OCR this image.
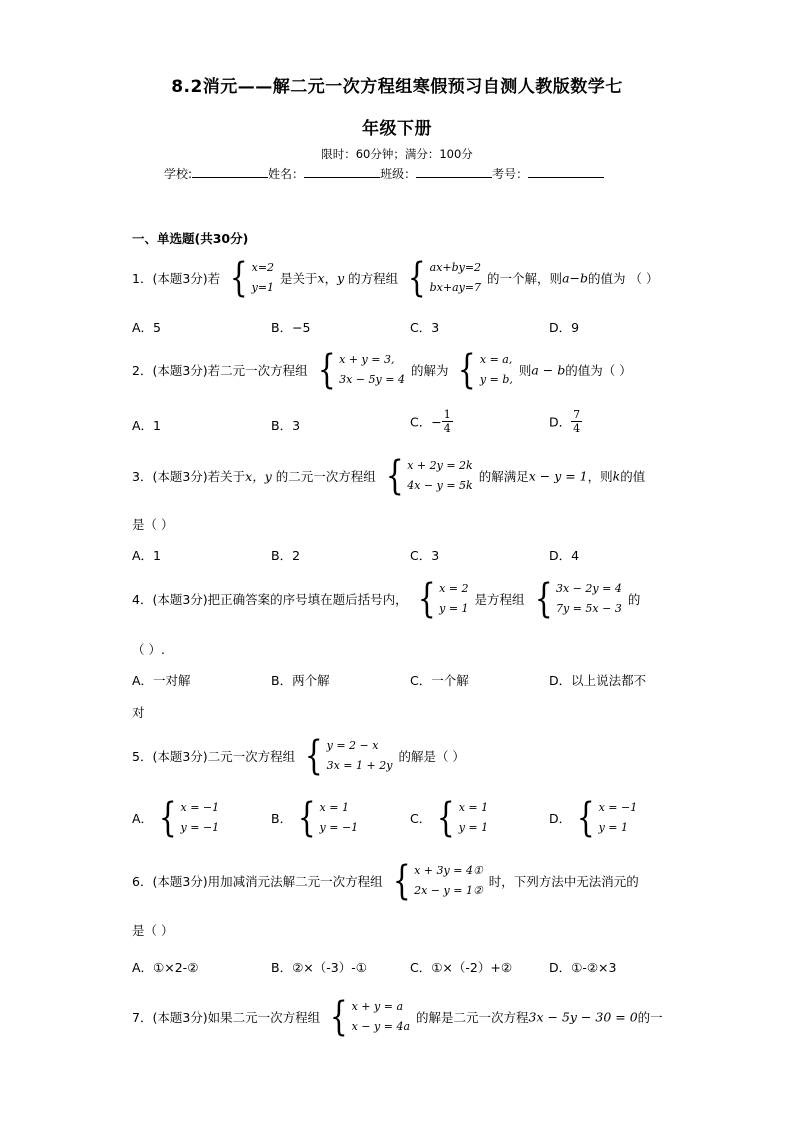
8.2消元——解二元一次方程组寒假预习自测人教版数学七
年级下册
限时：60分钟；满分：100分
学校:	姓名：	班级：	考号：
一、单选题(共30分)
1．(本题3分)若 { x=2
y=1
是关于x，y 的方程组 { ax+by=2
bx+ay=7
的一个解，则a−b的值为 （ ）
A．5	B．−5	C．3	D．9
2．(本题3分)若二元一次方程组 { x + y = 3,
3x − 5y = 4
的解为 { x = a,
y = b,
则a − b的值为（ ）
A．1	B．3	C．− $\frac{1}{4}$	D． $\frac{7}{4}$
3．(本题3分)若关于x，y 的二元一次方程组 { x + 2y = 2k
4x − y = 5k
的解满足x − y = 1，则k的值
是（ ）
A．1	B．2	C．3	D．4
4．(本题3分)把正确答案的序号填在题后括号内， { x = 2
y = 1
是方程组 { 3x − 2y = 4
7y = 5x − 3
的
（ ）.
A．一对解	B．两个解	C．一个解	D．以上说法都不
对
5．(本题3分)二元一次方程组 { y = 2 − x
3x = 1 + 2y
的解是（ ）
A． { x = −1
y = −1
B． { x = 1
y = −1
C． { x = 1
y = 1
D． { x = −1
y = 1
6．(本题3分)用加减消元法解二元一次方程组 { x + 3y = 4①
2x − y = 1②
时，下列方法中无法消元的
是（ ）
A．①×2-②	B．②×（-3）-①	C．①×（-2）+②	D．①-②×3
7．(本题3分)如果二元一次方程组 { x + y = a
x − y = 4a
的解是二元一次方程3x − 5y − 30 = 0的一
